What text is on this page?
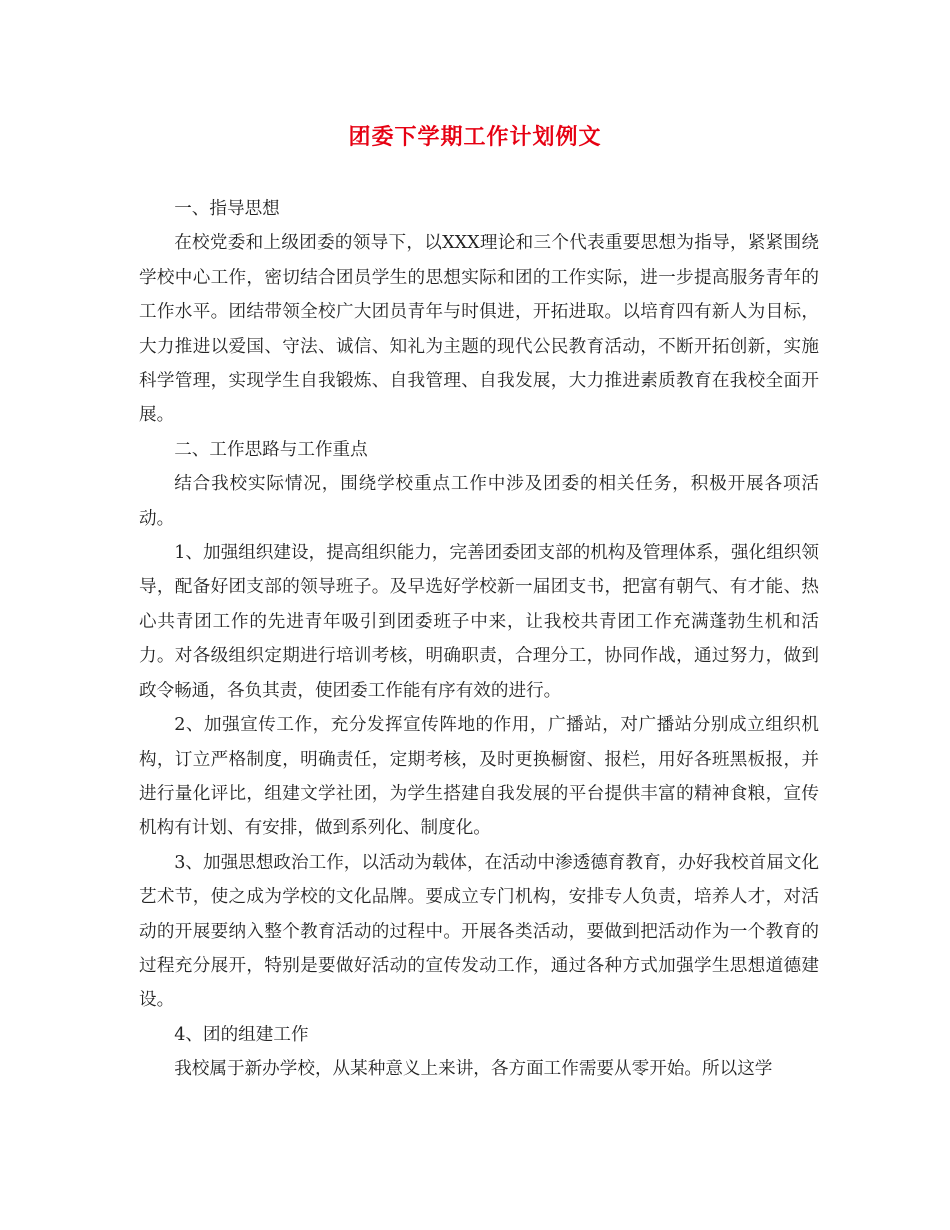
团委下学期工作计划例文

一、指导思想

在校党委和上级团委的领导下，以XXX理论和三个代表重要思想为指导，紧紧围绕学校中心工作，密切结合团员学生的思想实际和团的工作实际，进一步提高服务青年的工作水平。团结带领全校广大团员青年与时俱进，开拓进取。以培育四有新人为目标，大力推进以爱国、守法、诚信、知礼为主题的现代公民教育活动，不断开拓创新，实施科学管理，实现学生自我锻炼、自我管理、自我发展，大力推进素质教育在我校全面开展。

二、工作思路与工作重点

结合我校实际情况，围绕学校重点工作中涉及团委的相关任务，积极开展各项活动。

1、加强组织建设，提高组织能力，完善团委团支部的机构及管理体系，强化组织领导，配备好团支部的领导班子。及早选好学校新一届团支书，把富有朝气、有才能、热心共青团工作的先进青年吸引到团委班子中来，让我校共青团工作充满蓬勃生机和活力。对各级组织定期进行培训考核，明确职责，合理分工，协同作战，通过努力，做到政令畅通，各负其责，使团委工作能有序有效的进行。

2、加强宣传工作，充分发挥宣传阵地的作用，广播站，对广播站分别成立组织机构，订立严格制度，明确责任，定期考核，及时更换橱窗、报栏，用好各班黑板报，并进行量化评比，组建文学社团，为学生搭建自我发展的平台提供丰富的精神食粮，宣传机构有计划、有安排，做到系列化、制度化。

3、加强思想政治工作，以活动为载体，在活动中渗透德育教育，办好我校首届文化艺术节，使之成为学校的文化品牌。要成立专门机构，安排专人负责，培养人才，对活动的开展要纳入整个教育活动的过程中。开展各类活动，要做到把活动作为一个教育的过程充分展开，特别是要做好活动的宣传发动工作，通过各种方式加强学生思想道德建设。

4、团的组建工作

我校属于新办学校，从某种意义上来讲，各方面工作需要从零开始。所以这学
